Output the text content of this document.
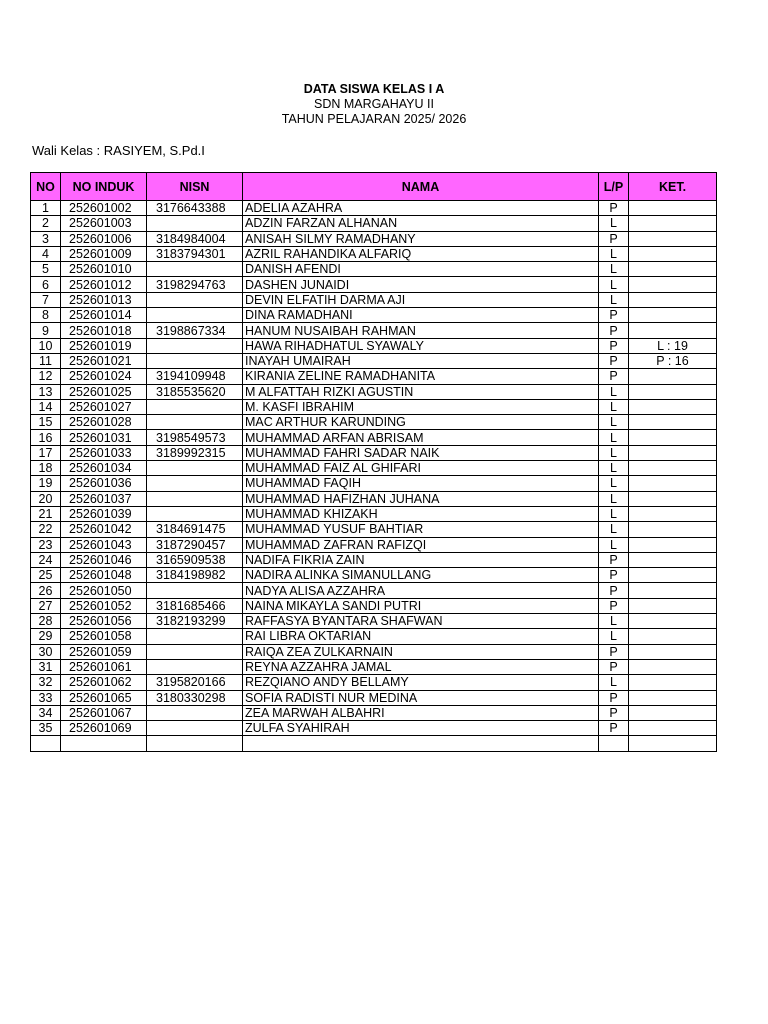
DATA SISWA KELAS I A
SDN MARGAHAYU II
TAHUN PELAJARAN 2025/ 2026
Wali Kelas : RASIYEM, S.Pd.I
NO	NO INDUK	NISN	NAMA	L/P	KET.
1	252601002	3176643388	ADELIA AZAHRA	P	
2	252601003		ADZIN FARZAN ALHANAN	L	
3	252601006	3184984004	ANISAH SILMY RAMADHANY	P	
4	252601009	3183794301	AZRIL RAHANDIKA ALFARIQ	L	
5	252601010		DANISH AFENDI	L	
6	252601012	3198294763	DASHEN JUNAIDI	L	
7	252601013		DEVIN ELFATIH DARMA AJI	L	
8	252601014		DINA RAMADHANI	P	
9	252601018	3198867334	HANUM NUSAIBAH RAHMAN	P	
10	252601019		HAWA RIHADHATUL SYAWALY	P	L : 19
11	252601021		INAYAH UMAIRAH	P	P : 16
12	252601024	3194109948	KIRANIA ZELINE RAMADHANITA	P	
13	252601025	3185535620	M ALFATTAH RIZKI AGUSTIN	L	
14	252601027		M. KASFI IBRAHIM	L	
15	252601028		MAC ARTHUR KARUNDING	L	
16	252601031	3198549573	MUHAMMAD ARFAN ABRISAM	L	
17	252601033	3189992315	MUHAMMAD FAHRI SADAR NAIK	L	
18	252601034		MUHAMMAD FAIZ AL GHIFARI	L	
19	252601036		MUHAMMAD FAQIH	L	
20	252601037		MUHAMMAD HAFIZHAN JUHANA	L	
21	252601039		MUHAMMAD KHIZAKH	L	
22	252601042	3184691475	MUHAMMAD YUSUF BAHTIAR	L	
23	252601043	3187290457	MUHAMMAD ZAFRAN RAFIZQI	L	
24	252601046	3165909538	NADIFA FIKRIA ZAIN	P	
25	252601048	3184198982	NADIRA ALINKA SIMANULLANG	P	
26	252601050		NADYA ALISA AZZAHRA	P	
27	252601052	3181685466	NAINA MIKAYLA SANDI PUTRI	P	
28	252601056	3182193299	RAFFASYA BYANTARA SHAFWAN	L	
29	252601058		RAI LIBRA OKTARIAN	L	
30	252601059		RAIQA ZEA ZULKARNAIN	P	
31	252601061		REYNA AZZAHRA JAMAL	P	
32	252601062	3195820166	REZQIANO ANDY BELLAMY	L	
33	252601065	3180330298	SOFIA RADISTI NUR MEDINA	P	
34	252601067		ZEA MARWAH ALBAHRI	P	
35	252601069		ZULFA SYAHIRAH	P	
